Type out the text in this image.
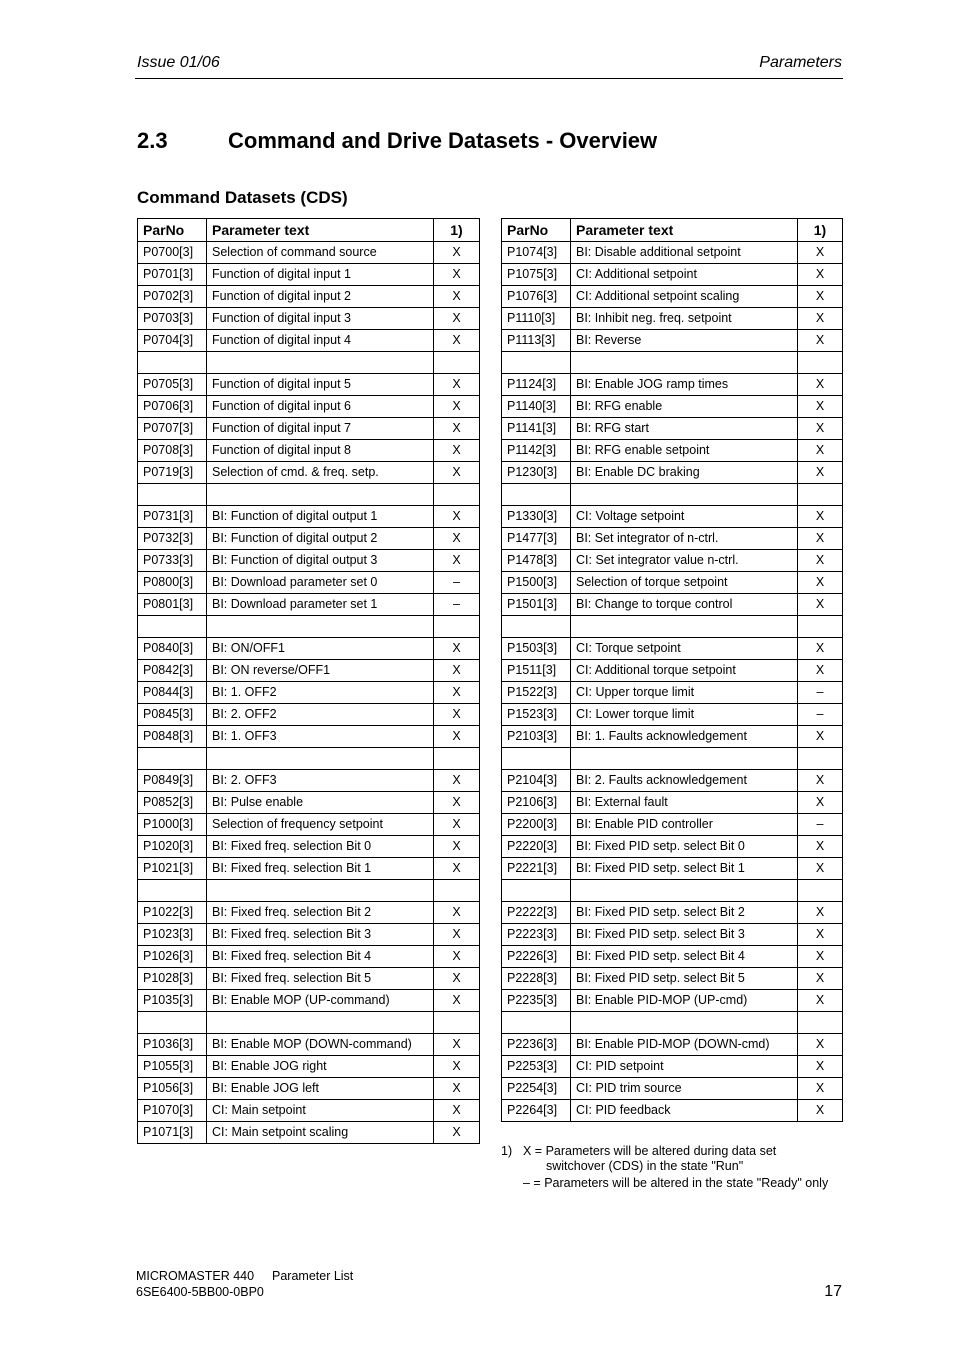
Issue 01/06	Parameters
2.3	Command and Drive Datasets - Overview
Command Datasets (CDS)
ParNo	Parameter text	1)
P0700[3]	Selection of command source	X
P0701[3]	Function of digital input 1	X
P0702[3]	Function of digital input 2	X
P0703[3]	Function of digital input 3	X
P0704[3]	Function of digital input 4	X

P0705[3]	Function of digital input 5	X
P0706[3]	Function of digital input 6	X
P0707[3]	Function of digital input 7	X
P0708[3]	Function of digital input 8	X
P0719[3]	Selection of cmd. & freq. setp.	X

P0731[3]	BI: Function of digital output 1	X
P0732[3]	BI: Function of digital output 2	X
P0733[3]	BI: Function of digital output 3	X
P0800[3]	BI: Download parameter set 0	–
P0801[3]	BI: Download parameter set 1	–

P0840[3]	BI: ON/OFF1	X
P0842[3]	BI: ON reverse/OFF1	X
P0844[3]	BI: 1. OFF2	X
P0845[3]	BI: 2. OFF2	X
P0848[3]	BI: 1. OFF3	X

P0849[3]	BI: 2. OFF3	X
P0852[3]	BI: Pulse enable	X
P1000[3]	Selection of frequency setpoint	X
P1020[3]	BI: Fixed freq. selection Bit 0	X
P1021[3]	BI: Fixed freq. selection Bit 1	X

P1022[3]	BI: Fixed freq. selection Bit 2	X
P1023[3]	BI: Fixed freq. selection Bit 3	X
P1026[3]	BI: Fixed freq. selection Bit 4	X
P1028[3]	BI: Fixed freq. selection Bit 5	X
P1035[3]	BI: Enable MOP (UP-command)	X

P1036[3]	BI: Enable MOP (DOWN-command)	X
P1055[3]	BI: Enable JOG right	X
P1056[3]	BI: Enable JOG left	X
P1070[3]	CI: Main setpoint	X
P1071[3]	CI: Main setpoint scaling	X
ParNo	Parameter text	1)
P1074[3]	BI: Disable additional setpoint	X
P1075[3]	CI: Additional setpoint	X
P1076[3]	CI: Additional setpoint scaling	X
P1110[3]	BI: Inhibit neg. freq. setpoint	X
P1113[3]	BI: Reverse	X

P1124[3]	BI: Enable JOG ramp times	X
P1140[3]	BI: RFG enable	X
P1141[3]	BI: RFG start	X
P1142[3]	BI: RFG enable setpoint	X
P1230[3]	BI: Enable DC braking	X

P1330[3]	CI: Voltage setpoint	X
P1477[3]	BI: Set integrator of n-ctrl.	X
P1478[3]	CI: Set integrator value n-ctrl.	X
P1500[3]	Selection of torque setpoint	X
P1501[3]	BI: Change to torque control	X

P1503[3]	CI: Torque setpoint	X
P1511[3]	CI: Additional torque setpoint	X
P1522[3]	CI: Upper torque limit	–
P1523[3]	CI: Lower torque limit	–
P2103[3]	BI: 1. Faults acknowledgement	X

P2104[3]	BI: 2. Faults acknowledgement	X
P2106[3]	BI: External fault	X
P2200[3]	BI: Enable PID controller	–
P2220[3]	BI: Fixed PID setp. select Bit 0	X
P2221[3]	BI: Fixed PID setp. select Bit 1	X

P2222[3]	BI: Fixed PID setp. select Bit 2	X
P2223[3]	BI: Fixed PID setp. select Bit 3	X
P2226[3]	BI: Fixed PID setp. select Bit 4	X
P2228[3]	BI: Fixed PID setp. select Bit 5	X
P2235[3]	BI: Enable PID-MOP (UP-cmd)	X

P2236[3]	BI: Enable PID-MOP (DOWN-cmd)	X
P2253[3]	CI: PID setpoint	X
P2254[3]	CI: PID trim source	X
P2264[3]	CI: PID feedback	X
1) X = Parameters will be altered during data set
switchover (CDS) in the state "Run"
– = Parameters will be altered in the state "Ready" only
MICROMASTER 440 Parameter List
6SE6400-5BB00-0BP0	17
